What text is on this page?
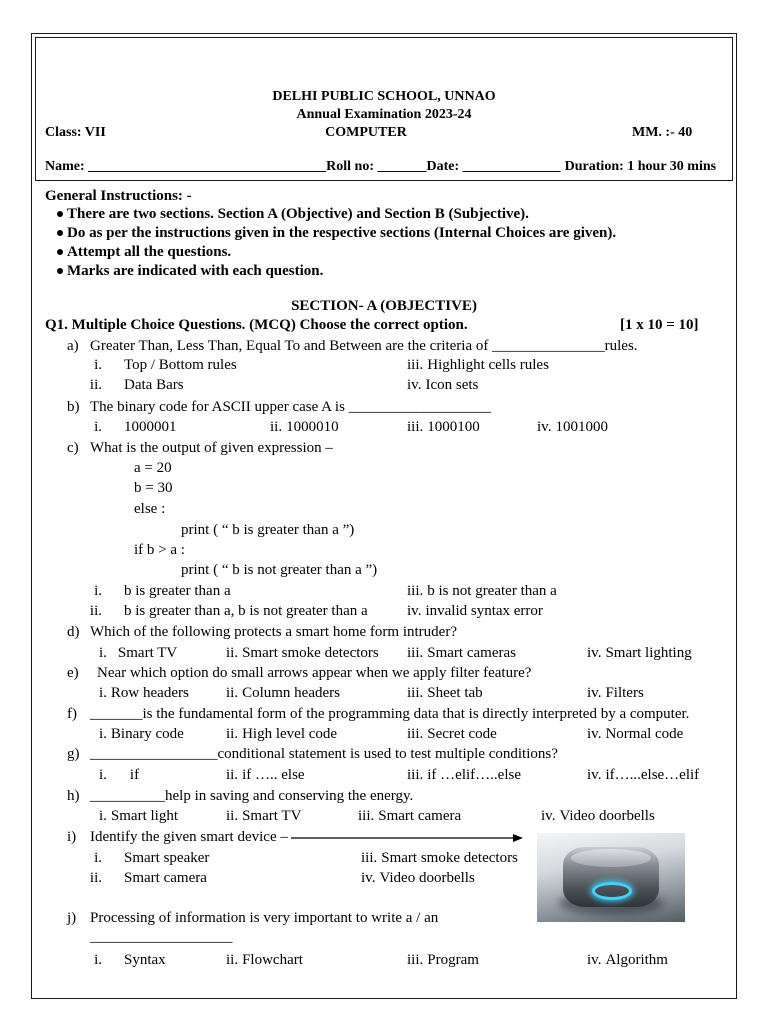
DELHI PUBLIC SCHOOL, UNNAO
Annual Examination 2023-24
Class: VII	COMPUTER	MM. :- 40
Name: __________________________________Roll no: _______Date: ______________ Duration: 1 hour 30 mins
General Instructions: -
There are two sections. Section A (Objective) and Section B (Subjective).
Do as per the instructions given in the respective sections (Internal Choices are given).
Attempt all the questions.
Marks are indicated with each question.
SECTION- A (OBJECTIVE)
Q1. Multiple Choice Questions. (MCQ) Choose the correct option.	[1 x 10 = 10]
a) Greater Than, Less Than, Equal To and Between are the criteria of _______________rules.
i. Top / Bottom rules	iii. Highlight cells rules
ii. Data Bars	iv. Icon sets
b) The binary code for ASCII upper case A is ___________________
i. 1000001	ii. 1000010	iii. 1000100	iv. 1001000
c) What is the output of given expression –
a = 20
b = 30
else :
print ( “ b is greater than a ”)
if b > a :
print ( “ b is not greater than a ”)
i. b is greater than a	iii. b is not greater than a
ii. b is greater than a, b is not greater than a	iv. invalid syntax error
d) Which of the following protects a smart home form intruder?
i. Smart TV	ii. Smart smoke detectors iii. Smart cameras	iv. Smart lighting
e) Near which option do small arrows appear when we apply filter feature?
i. Row headers ii. Column headers	iii. Sheet tab	iv. Filters
f) _______is the fundamental form of the programming data that is directly interpreted by a computer.
i. Binary code	ii. High level code	iii. Secret code	iv. Normal code
g) _________________conditional statement is used to test multiple conditions?
i. if	ii. if ….. else	iii. if …elif…..else	iv. if…...else…elif
h) __________help in saving and conserving the energy.
i. Smart light	ii. Smart TV	iii. Smart camera	iv. Video doorbells
i) Identify the given smart device –
i. Smart speaker	iii. Smart smoke detectors
ii. Smart camera	iv. Video doorbells
j) Processing of information is very important to write a / an
___________________
i. Syntax	ii. Flowchart	iii. Program	iv. Algorithm
